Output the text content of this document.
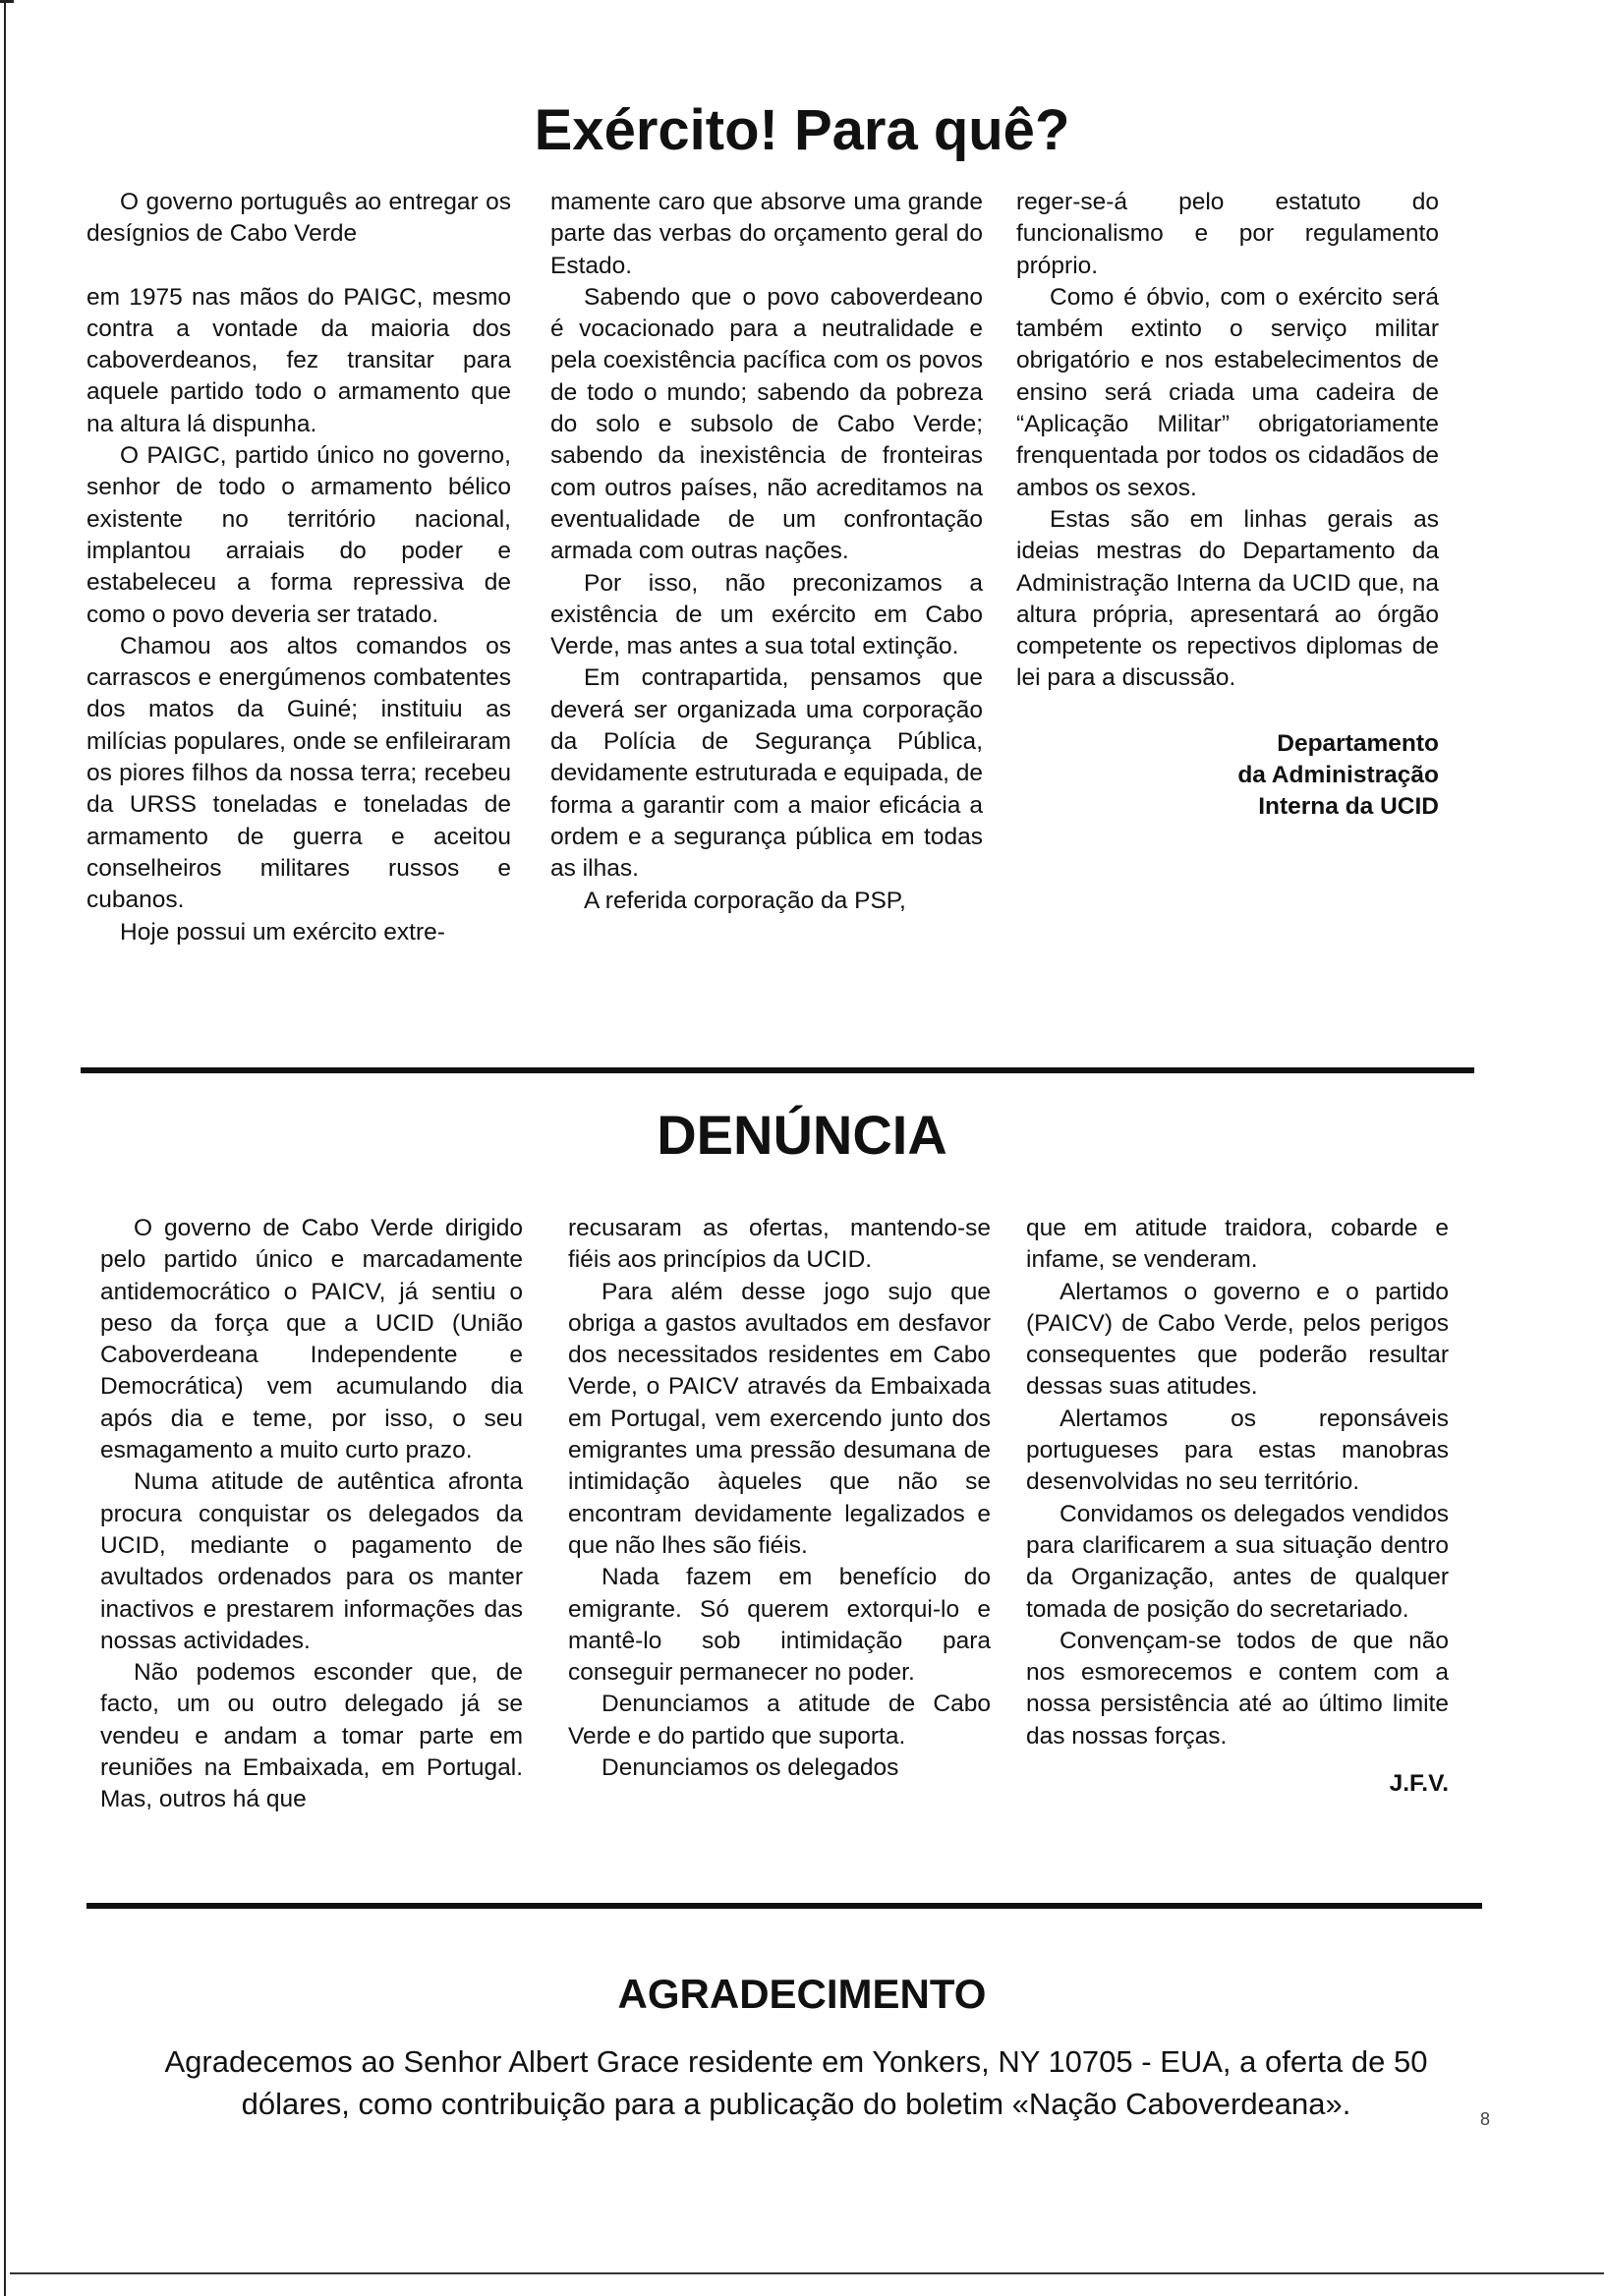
Exército! Para quê?

O governo português ao entregar os desígnios de Cabo Verde

em 1975 nas mãos do PAIGC, mesmo contra a vontade da maioria dos caboverdeanos, fez transitar para aquele partido todo o armamento que na altura lá dispunha.

O PAIGC, partido único no governo, senhor de todo o armamento bélico existente no território nacional, implantou arraiais do poder e estabeleceu a forma repressiva de como o povo deveria ser tratado.

Chamou aos altos comandos os carrascos e energúmenos combatentes dos matos da Guiné; instituiu as milícias populares, onde se enfileiraram os piores filhos da nossa terra; recebeu da URSS toneladas e toneladas de armamento de guerra e aceitou conselheiros militares russos e cubanos.

Hoje possui um exército extre-

mamente caro que absorve uma grande parte das verbas do orçamento geral do Estado.

Sabendo que o povo caboverdeano é vocacionado para a neutralidade e pela coexistência pacífica com os povos de todo o mundo; sabendo da pobreza do solo e subsolo de Cabo Verde; sabendo da inexistência de fronteiras com outros países, não acreditamos na eventualidade de um confrontação armada com outras nações.

Por isso, não preconizamos a existência de um exército em Cabo Verde, mas antes a sua total extinção.

Em contrapartida, pensamos que deverá ser organizada uma corporação da Polícia de Segurança Pública, devidamente estruturada e equipada, de forma a garantir com a maior eficácia a ordem e a segurança pública em todas as ilhas.

A referida corporação da PSP,

reger-se-á pelo estatuto do funcionalismo e por regulamento próprio.

Como é óbvio, com o exército será também extinto o serviço militar obrigatório e nos estabelecimentos de ensino será criada uma cadeira de “Aplicação Militar” obrigatoriamente frenquentada por todos os cidadãos de ambos os sexos.

Estas são em linhas gerais as ideias mestras do Departamento da Administração Interna da UCID que, na altura própria, apresentará ao órgão competente os repectivos diplomas de lei para a discussão.

Departamento

da Administração

Interna da UCID

DENÚNCIA

O governo de Cabo Verde dirigido pelo partido único e marcadamente antidemocrático o PAICV, já sentiu o peso da força que a UCID (União Caboverdeana Independente e Democrática) vem acumulando dia após dia e teme, por isso, o seu esmagamento a muito curto prazo.

Numa atitude de autêntica afronta procura conquistar os delegados da UCID, mediante o pagamento de avultados ordenados para os manter inactivos e prestarem informações das nossas actividades.

Não podemos esconder que, de facto, um ou outro delegado já se vendeu e andam a tomar parte em reuniões na Embaixada, em Portugal. Mas, outros há que

recusaram as ofertas, mantendo-se fiéis aos princípios da UCID.

Para além desse jogo sujo que obriga a gastos avultados em desfavor dos necessitados residentes em Cabo Verde, o PAICV através da Embaixada em Portugal, vem exercendo junto dos emigrantes uma pressão desumana de intimidação àqueles que não se encontram devidamente legalizados e que não lhes são fiéis.

Nada fazem em benefício do emigrante. Só querem extorqui-lo e mantê-lo sob intimidação para conseguir permanecer no poder.

Denunciamos a atitude de Cabo Verde e do partido que suporta.

Denunciamos os delegados

que em atitude traidora, cobarde e infame, se venderam.

Alertamos o governo e o partido (PAICV) de Cabo Verde, pelos perigos consequentes que poderão resultar dessas suas atitudes.

Alertamos os reponsáveis portugueses para estas manobras desenvolvidas no seu território.

Convidamos os delegados vendidos para clarificarem a sua situação dentro da Organização, antes de qualquer tomada de posição do secretariado.

Convençam-se todos de que não nos esmorecemos e contem com a nossa persistência até ao último limite das nossas forças.

J.F.V.

AGRADECIMENTO

Agradecemos ao Senhor Albert Grace residente em Yonkers, NY 10705 - EUA, a oferta de 50 dólares, como contribuição para a publicação do boletim «Nação Caboverdeana».	8
